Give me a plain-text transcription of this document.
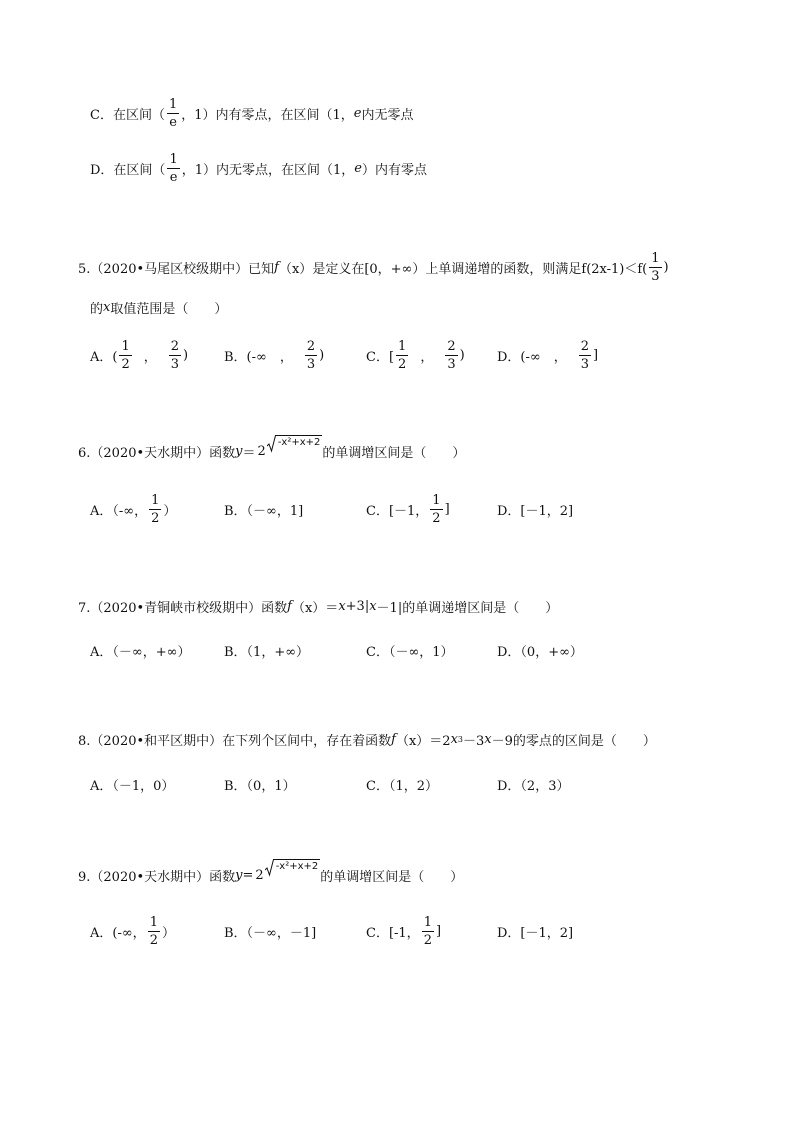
C．在区间（ $\frac{1}{e}$ ，1）内有零点，在区间（1， e 内无零点
D．在区间（ $\frac{1}{e}$ ，1）内无零点，在区间（1， e ）内有零点
5.（2020•马尾区校级期中）已知 f （x） 是定义在[0，+∞）上单调递增的函数，则满足$f(2x-1)<f( \frac{1}{3}$ )
的 x 取值范围是（　　）
A．( $\frac{1}{2}$ ， $\frac{2}{3}$ )	B．(-∞　， $\frac{2}{3}$ )	C．[ $\frac{1}{2}$ ， $\frac{2}{3}$ ) D．(-∞　， $\frac{2}{3}$ ]
6.（2020•天水期中）函数 y ＝ 2
-x²+x+2
的单调增区间是（　　）
A．（-∞， $\frac{1}{2}$ ）	B．（－∞，1]	C．[－1， $\frac{1}{2}$ ]	D．[－1，2]
7.（2020•青铜峡市校级期中）函数 f （x）＝ x +3| x －1|的单调递增区间是（　　）
A．（－∞，+∞）	B．（1，+∞）	C．（－∞，1）	D．（0，+∞）
8.（2020•和平区期中）在下列个区间中，存在着函数 f （x）＝2 x 3 －3 x －9的零点的区间是（　　）
A．（－1，0）	B．（0，1）	C．（1，2）	D．（2，3）
9.（2020•天水期中）函数 y = 2
-x²+x+2
的单调增区间是（　　）
A．(-∞， $\frac{1}{2}$ ）	B．（－∞，－1]	C．[-1， $\frac{1}{2}$ ]	D．[－1，2]
